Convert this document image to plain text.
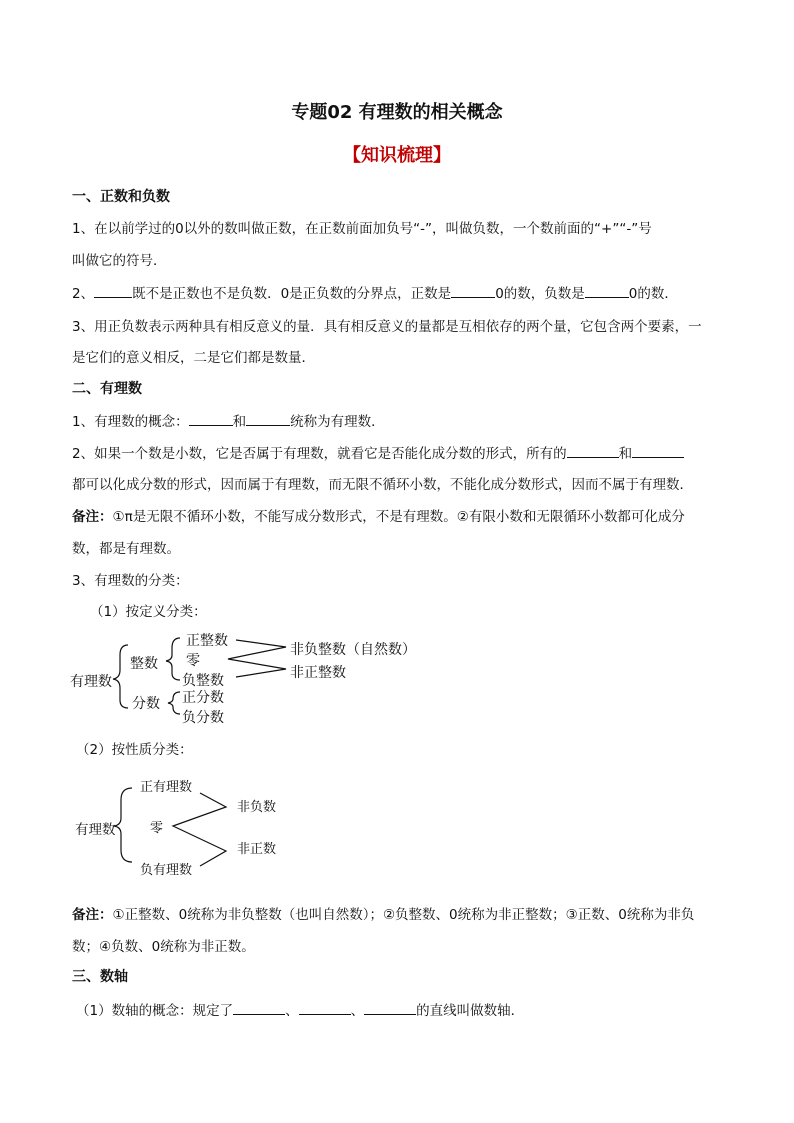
专题02 有理数的相关概念
【知识梳理】
一、正数和负数
1、在以前学过的0以外的数叫做正数，在正数前面加负号“-”，叫做负数，一个数前面的“+”“-”号
叫做它的符号．
2、	既不是正数也不是负数．0是正负数的分界点，正数是	0的数，负数是	0的数．
3、用正负数表示两种具有相反意义的量．具有相反意义的量都是互相依存的两个量，它包含两个要素，一
是它们的意义相反，二是它们都是数量．
二、有理数
1、有理数的概念：	和	统称为有理数．
2、如果一个数是小数，它是否属于有理数，就看它是否能化成分数的形式，所有的	和
都可以化成分数的形式，因而属于有理数，而无限不循环小数，不能化成分数形式，因而不属于有理数．
备注：①π是无限不循环小数，不能写成分数形式，不是有理数。②有限小数和无限循环小数都可化成分
数，都是有理数。
3、有理数的分类：
（1）按定义分类：
有理数
整数
正整数
零
负整数
非负整数（自然数）
非正整数
分数 正分数
负分数
（2）按性质分类：
有理数
正有理数
零
负有理数
非负数
非正数
备注：①正整数、0统称为非负整数（也叫自然数）；②负整数、0统称为非正整数；③正数、0统称为非负
数；④负数、0统称为非正数。
三、数轴
（1）数轴的概念：规定了	、	、	的直线叫做数轴．
